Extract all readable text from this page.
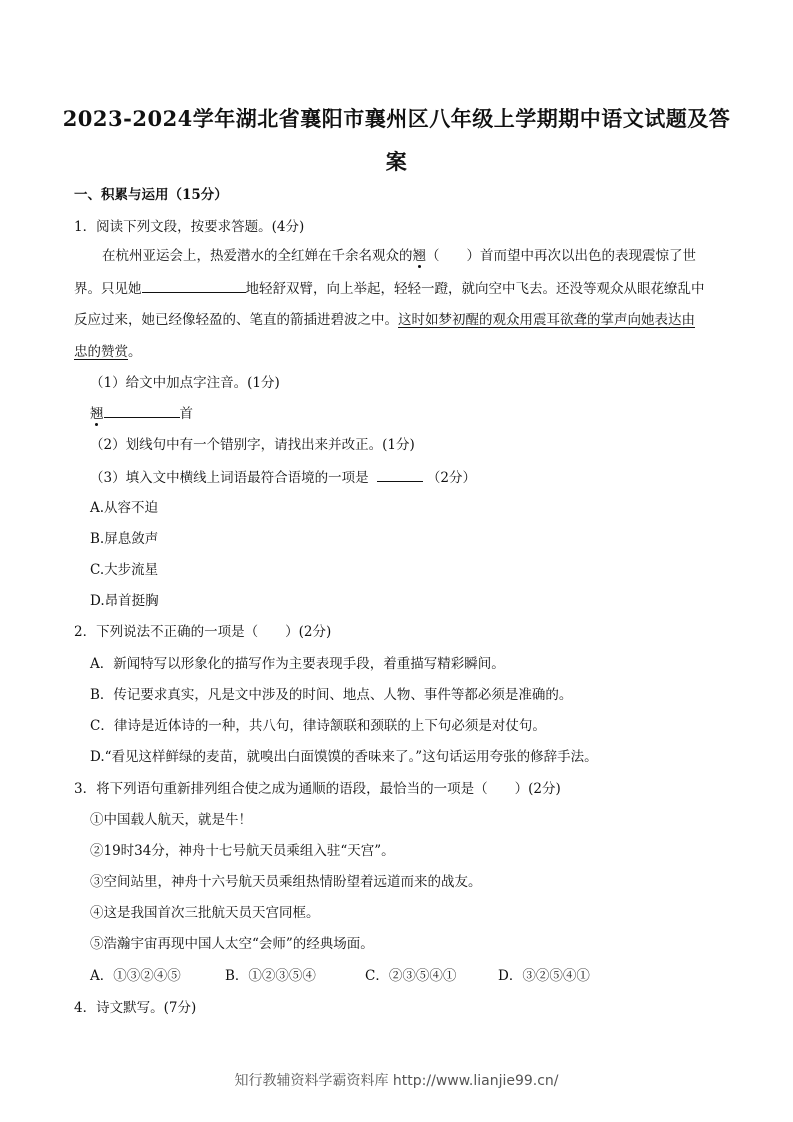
2023-2024学年湖北省襄阳市襄州区八年级上学期期中语文试题及答
案
一、积累与运用（15分）
1．阅读下列文段，按要求答题。(4分)
在杭州亚运会上，热爱潜水的全红婵在千余名观众的翘（　　）首而望中再次以出色的表现震惊了世
界。只见她	地轻舒双臂，向上举起，轻轻一蹬，就向空中飞去。还没等观众从眼花缭乱中
反应过来，她已经像轻盈的、笔直的箭插进碧波之中。这时如梦初醒的观众用震耳欲聋的掌声向她表达由
忠的赞赏。
（1）给文中加点字注音。(1分)
翘	首
（2）划线句中有一个错别字，请找出来并改正。(1分)
（3）填入文中横线上词语最符合语境的一项是	（2分）
A.从容不迫
B.屏息敛声
C.大步流星
D.昂首挺胸
2．下列说法不正确的一项是（　　）(2分)
A．新闻特写以形象化的描写作为主要表现手段，着重描写精彩瞬间。
B．传记要求真实，凡是文中涉及的时间、地点、人物、事件等都必须是准确的。
C．律诗是近体诗的一种，共八句，律诗颔联和颈联的上下句必须是对仗句。
D.“看见这样鲜绿的麦苗，就嗅出白面馍馍的香味来了。”这句话运用夸张的修辞手法。
3．将下列语句重新排列组合使之成为通顺的语段，最恰当的一项是（　　）(2分)
①中国载人航天，就是牛！
②19时34分，神舟十七号航天员乘组入驻“天宫”。
③空间站里，神舟十六号航天员乘组热情盼望着远道而来的战友。
④这是我国首次三批航天员天宫同框。
⑤浩瀚宇宙再现中国人太空“会师”的经典场面。
A．①③②④⑤	B．①②③⑤④	C．②③⑤④①	D．③②⑤④①
4．诗文默写。(7分)
知行教辅资料学霸资料库 http://www.lianjie99.cn/
